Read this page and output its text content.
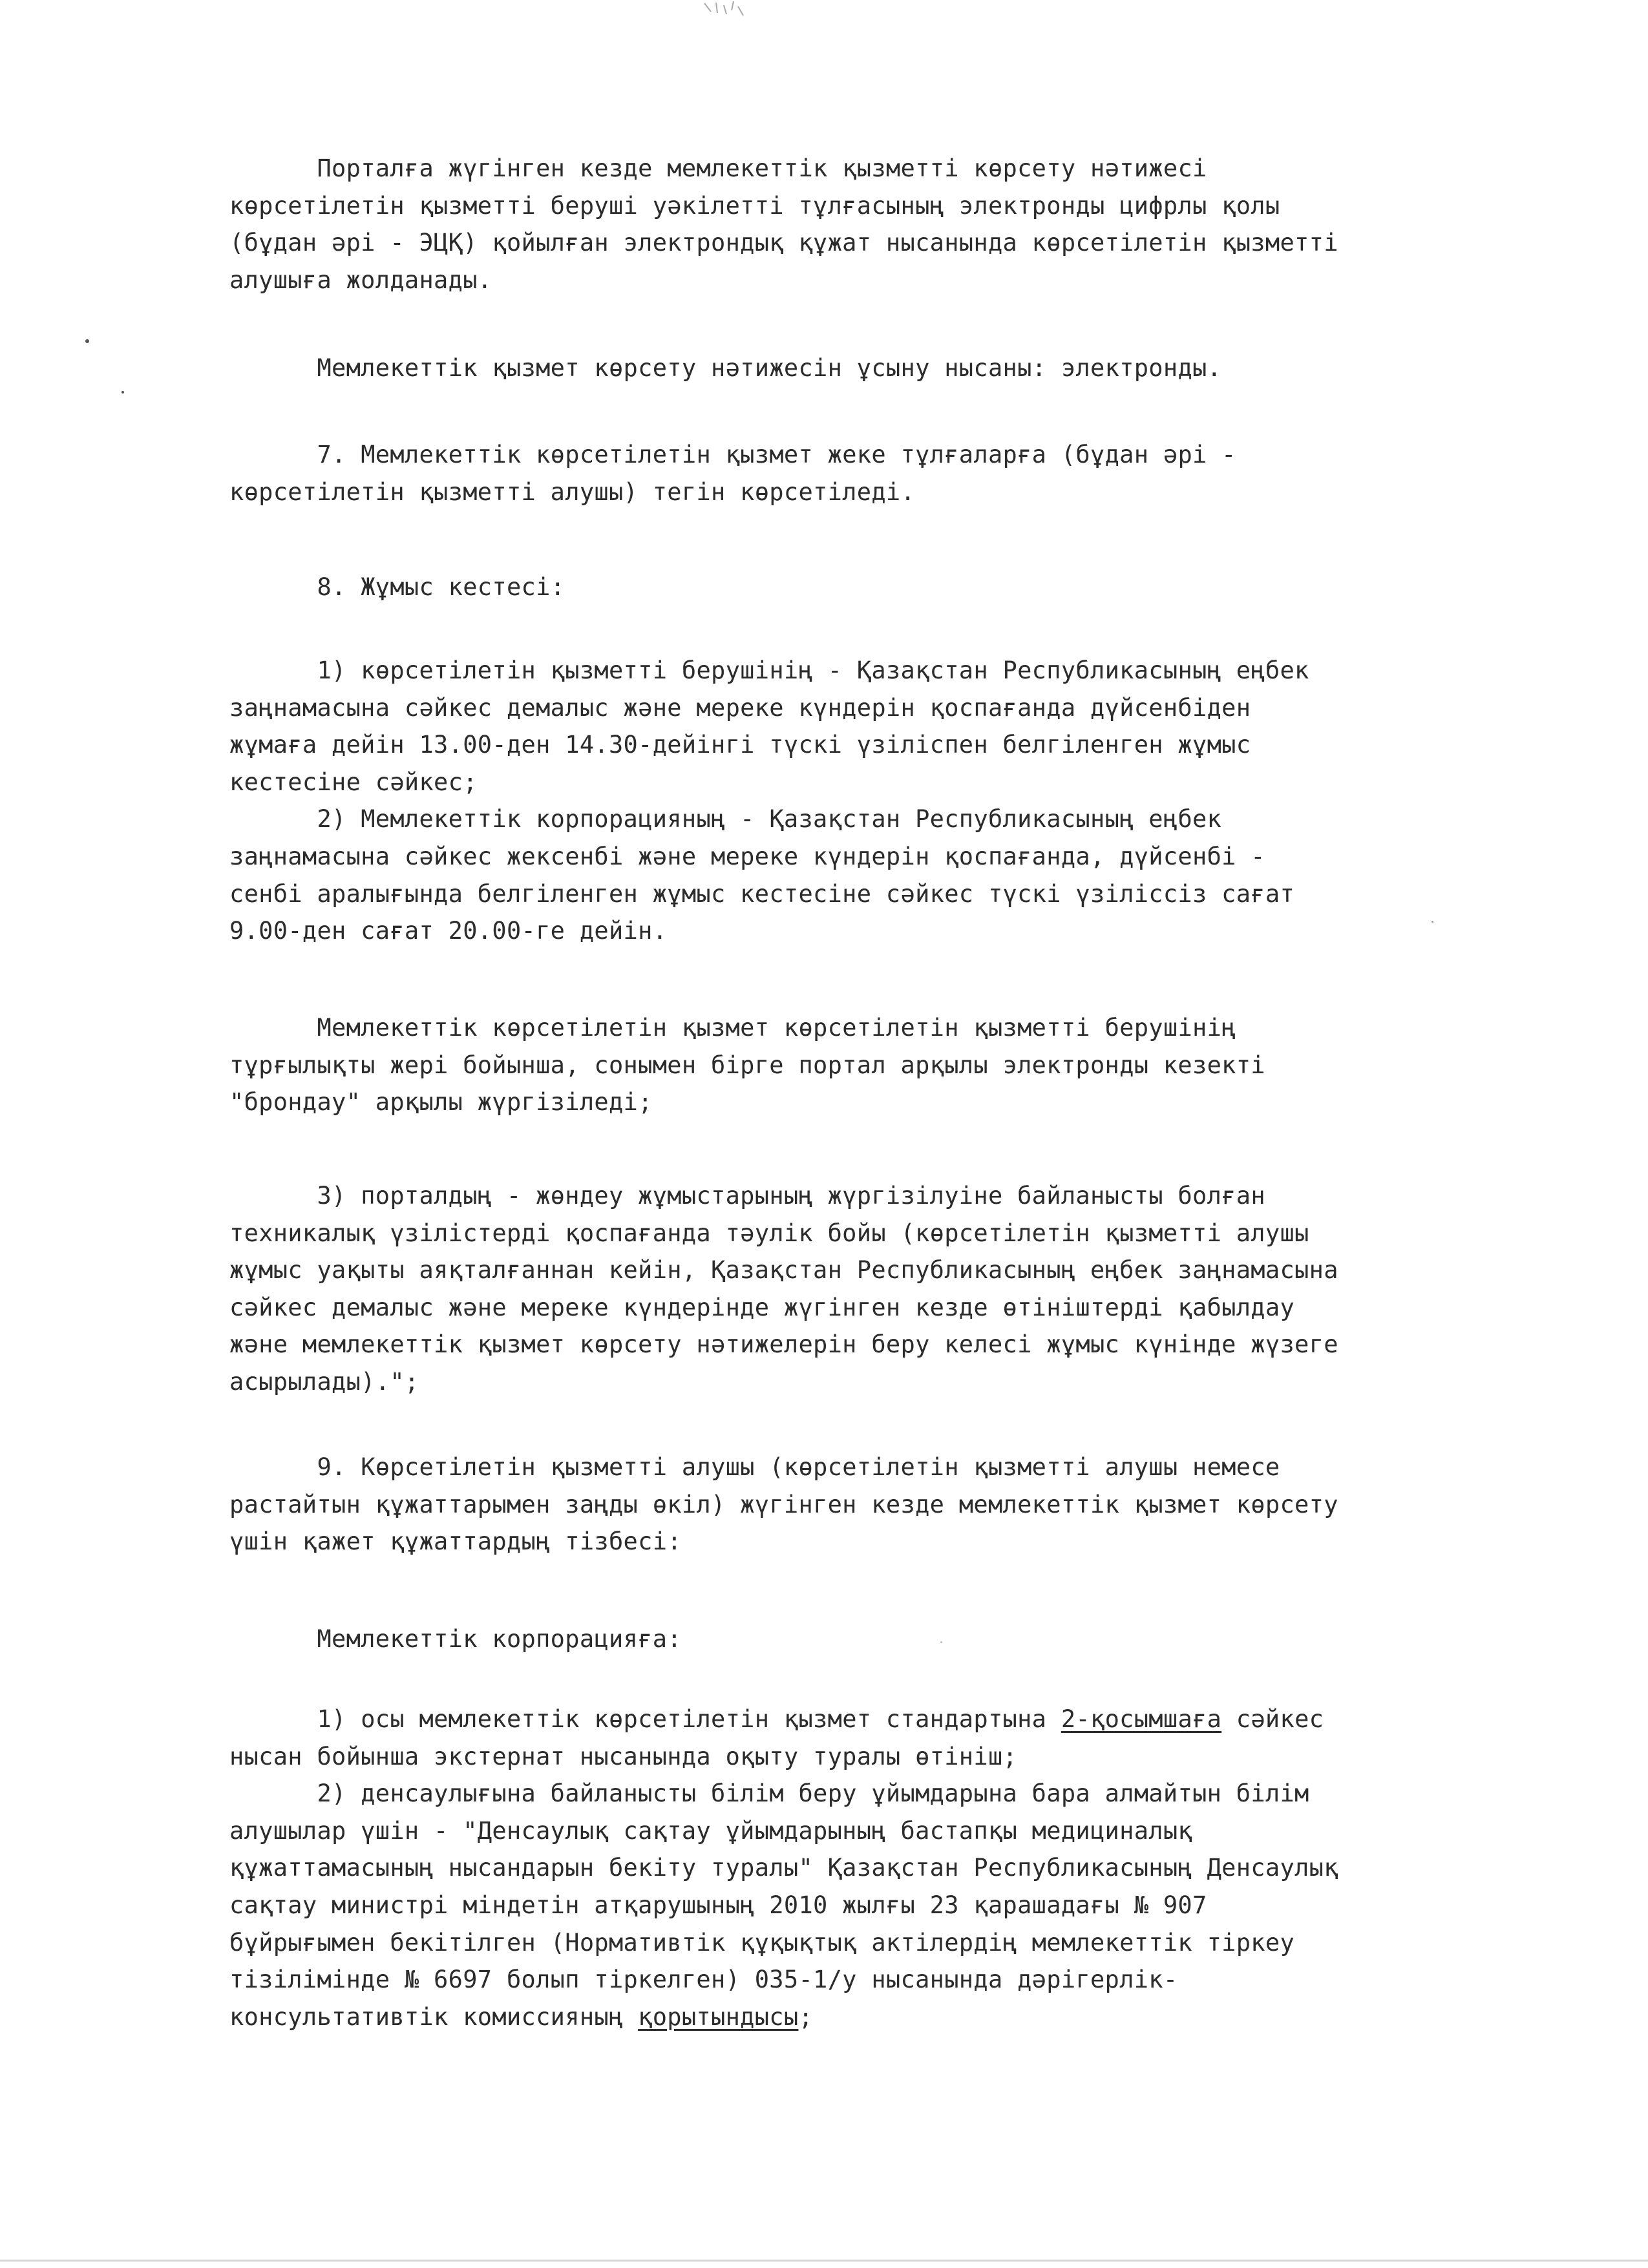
Порталға жүгінген кезде мемлекеттік қызметті көрсету нәтижесі
көрсетілетін қызметті беруші уәкілетті тұлғасының электронды цифрлы қолы
(бұдан әрі - ЭЦҚ) қойылған электрондық құжат нысанында көрсетілетін қызметті
алушыға жолданады.
Мемлекеттік қызмет көрсету нәтижесін ұсыну нысаны: электронды.
7. Мемлекеттік көрсетілетін қызмет жеке тұлғаларға (бұдан әрі -
көрсетілетін қызметті алушы) тегін көрсетіледі.
8. Жұмыс кестесі:
1) көрсетілетін қызметті берушінің - Қазақстан Республикасының еңбек
заңнамасына сәйкес демалыс және мереке күндерін қоспағанда дүйсенбіден
жұмаға дейін 13.00-ден 14.30-дейінгі түскі үзіліспен белгіленген жұмыс
кестесіне сәйкес;
2) Мемлекеттік корпорацияның - Қазақстан Республикасының еңбек
заңнамасына сәйкес жексенбі және мереке күндерін қоспағанда, дүйсенбі -
сенбі аралығында белгіленген жұмыс кестесіне сәйкес түскі үзіліссіз сағат
9.00-ден сағат 20.00-ге дейін.
Мемлекеттік көрсетілетін қызмет көрсетілетін қызметті берушінің
тұрғылықты жері бойынша, сонымен бірге портал арқылы электронды кезекті
"брондау" арқылы жүргізіледі;
3) порталдың - жөндеу жұмыстарының жүргізілуіне байланысты болған
техникалық үзілістерді қоспағанда тәулік бойы (көрсетілетін қызметті алушы
жұмыс уақыты аяқталғаннан кейін, Қазақстан Республикасының еңбек заңнамасына
сәйкес демалыс және мереке күндерінде жүгінген кезде өтініштерді қабылдау
және мемлекеттік қызмет көрсету нәтижелерін беру келесі жұмыс күнінде жүзеге
асырылады).";
9. Көрсетілетін қызметті алушы (көрсетілетін қызметті алушы немесе
растайтын құжаттарымен заңды өкіл) жүгінген кезде мемлекеттік қызмет көрсету
үшін қажет құжаттардың тізбесі:
Мемлекеттік корпорацияға:
1) осы мемлекеттік көрсетілетін қызмет стандартына 2-қосымшаға сәйкес
нысан бойынша экстернат нысанында оқыту туралы өтініш;
2) денсаулығына байланысты білім беру ұйымдарына бара алмайтын білім
алушылар үшін - "Денсаулық сақтау ұйымдарының бастапқы медициналық
құжаттамасының нысандарын бекіту туралы" Қазақстан Республикасының Денсаулық
сақтау министрі міндетін атқарушының 2010 жылғы 23 қарашадағы № 907
бұйрығымен бекітілген (Нормативтік құқықтық актілердің мемлекеттік тіркеу
тізілімінде № 6697 болып тіркелген) 035-1/у нысанында дәрігерлік-
консультативтік комиссияның қорытындысы;
